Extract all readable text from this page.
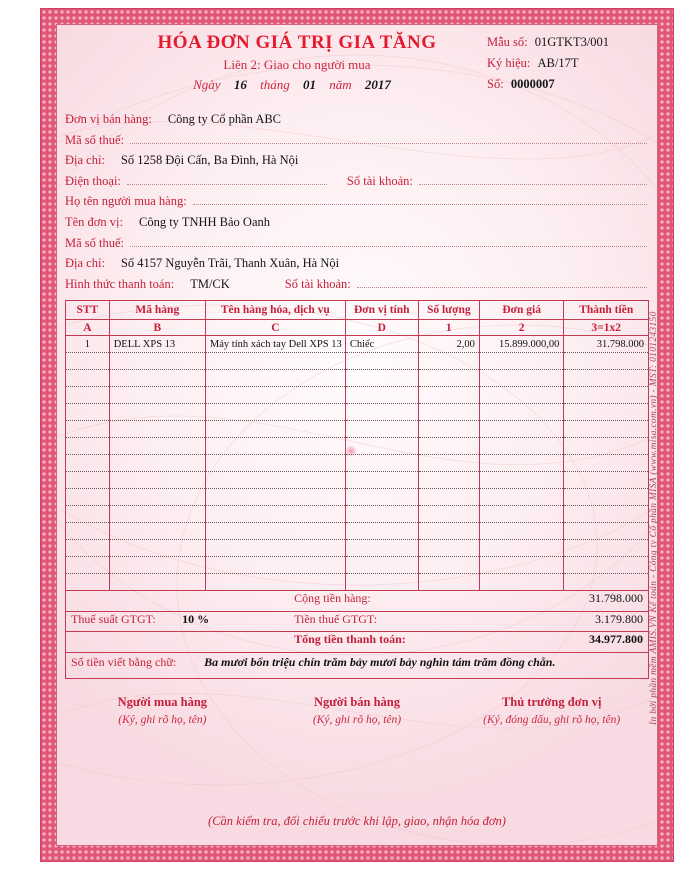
In bởi phần mềm AMIS.VN Kế toán - Công ty Cổ phần MISA (www.misa.com.vn) - MST: 0101243150
HÓA ĐƠN GIÁ TRỊ GIA TĂNG
Liên 2: Giao cho người mua
Ngày 16 tháng 01 năm 2017
Mẫu số: 01GTKT3/001
Ký hiệu: AB/17T
Số: 0000007
Đơn vị bán hàng: Công ty Cổ phần ABC
Mã số thuế:
Địa chỉ: Số 1258 Đội Cấn, Ba Đình, Hà Nội
Điện thoại:	Số tài khoản:
Họ tên người mua hàng:
Tên đơn vị: Công ty TNHH Bảo Oanh
Mã số thuế:
Địa chỉ: Số 4157 Nguyễn Trãi, Thanh Xuân, Hà Nội
Hình thức thanh toán: TM/CK	Số tài khoản:
STT	Mã hàng	Tên hàng hóa, dịch vụ	Đơn vị tính	Số lượng	Đơn giá	Thành tiền
A	B	C	D	1	2	3=1x2
1	DELL XPS 13	Máy tính xách tay Dell XPS 13	Chiếc	2,00	15.899.000,00	31.798.000

Cộng tiền hàng:	31.798.000
Thuế suất GTGT: 10 %	Tiền thuế GTGT:	3.179.800
Tổng tiền thanh toán:	34.977.800
Số tiền viết bằng chữ: Ba mươi bốn triệu chín trăm bảy mươi bảy nghìn tám trăm đồng chẵn.
Người mua hàng
(Ký, ghi rõ họ, tên)
Người bán hàng
(Ký, ghi rõ họ, tên)
Thủ trưởng đơn vị
(Ký, đóng dấu, ghi rõ họ, tên)
(Cần kiểm tra, đối chiếu trước khi lập, giao, nhận hóa đơn)
